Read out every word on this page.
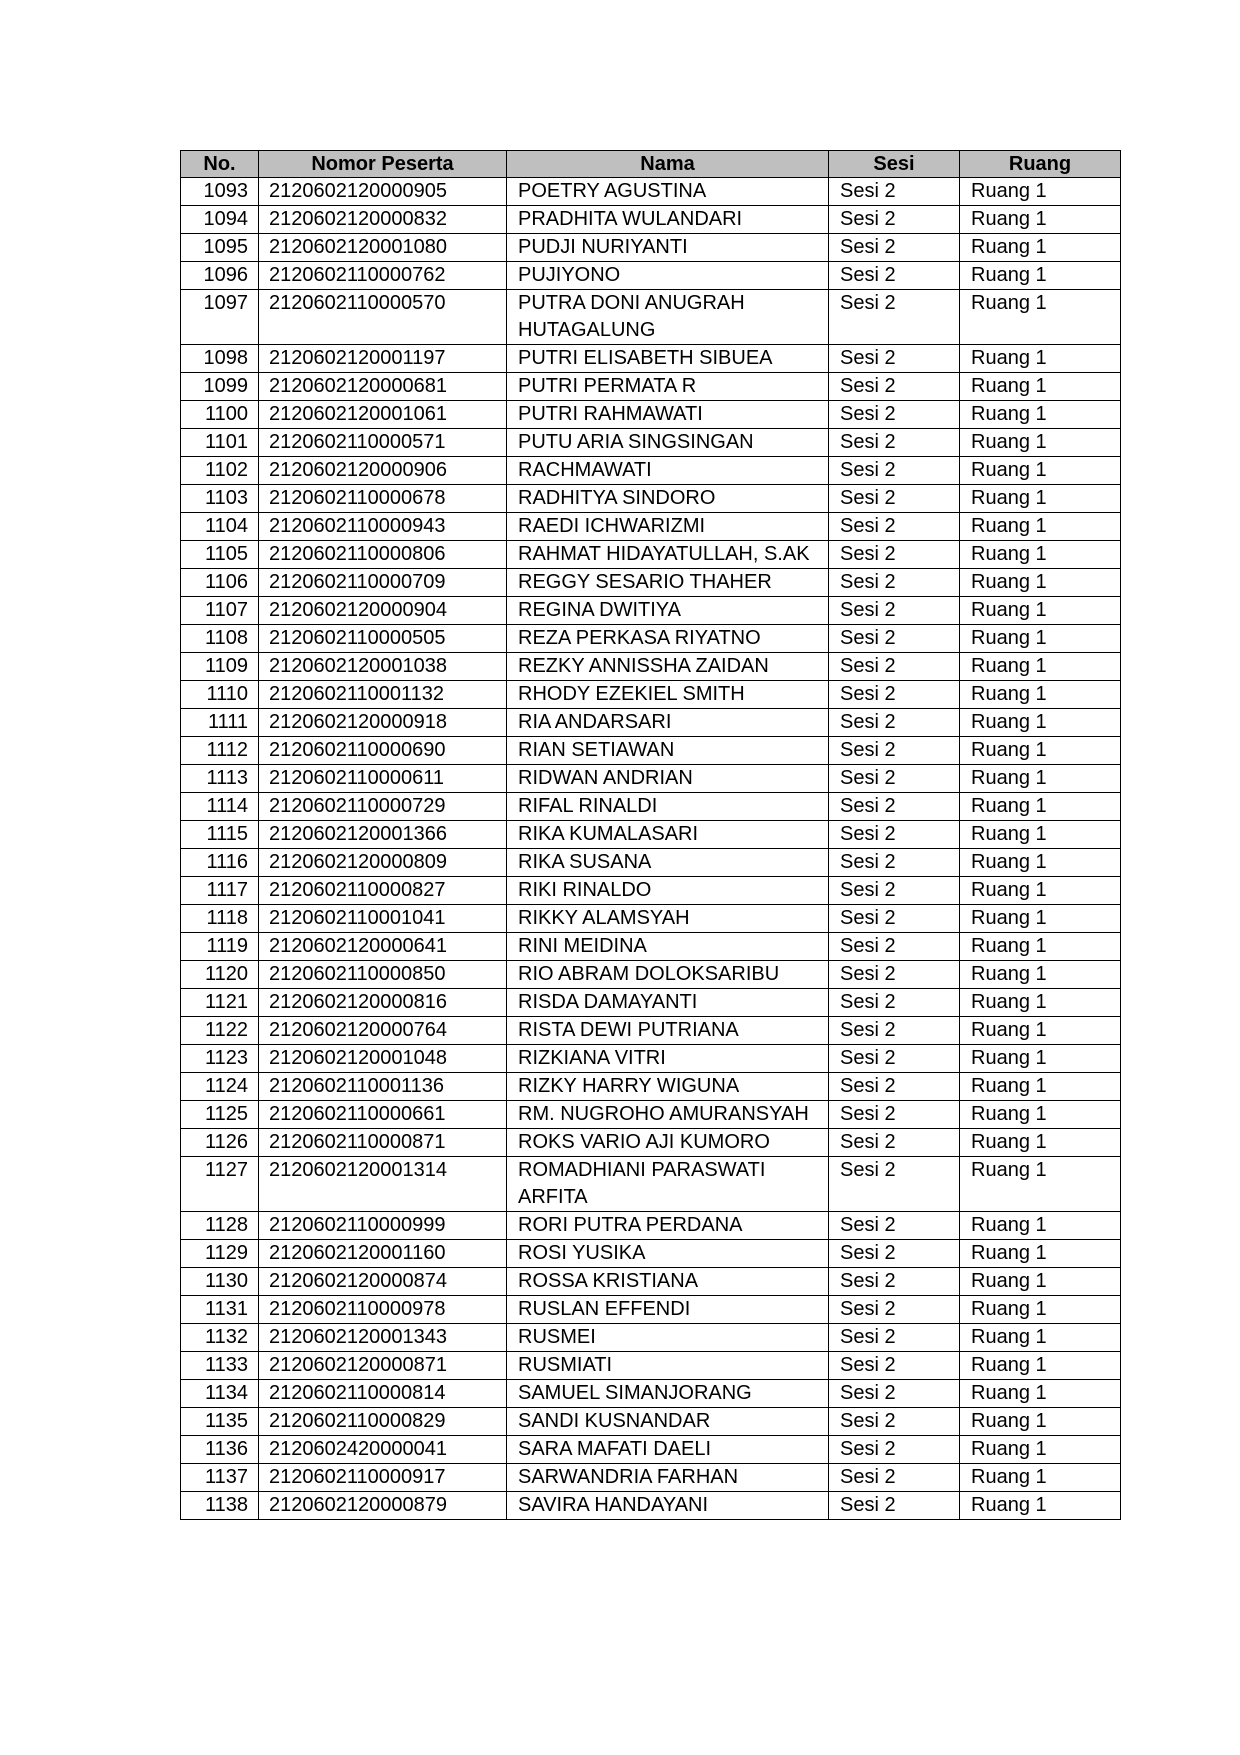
No.	Nomor Peserta	Nama	Sesi	Ruang
1093	2120602120000905	POETRY AGUSTINA	Sesi 2	Ruang 1
1094	2120602120000832	PRADHITA WULANDARI	Sesi 2	Ruang 1
1095	2120602120001080	PUDJI NURIYANTI	Sesi 2	Ruang 1
1096	2120602110000762	PUJIYONO	Sesi 2	Ruang 1
1097	2120602110000570	PUTRA DONI ANUGRAH HUTAGALUNG	Sesi 2	Ruang 1
1098	2120602120001197	PUTRI ELISABETH SIBUEA	Sesi 2	Ruang 1
1099	2120602120000681	PUTRI PERMATA R	Sesi 2	Ruang 1
1100	2120602120001061	PUTRI RAHMAWATI	Sesi 2	Ruang 1
1101	2120602110000571	PUTU ARIA SINGSINGAN	Sesi 2	Ruang 1
1102	2120602120000906	RACHMAWATI	Sesi 2	Ruang 1
1103	2120602110000678	RADHITYA SINDORO	Sesi 2	Ruang 1
1104	2120602110000943	RAEDI ICHWARIZMI	Sesi 2	Ruang 1
1105	2120602110000806	RAHMAT HIDAYATULLAH, S.AK	Sesi 2	Ruang 1
1106	2120602110000709	REGGY SESARIO THAHER	Sesi 2	Ruang 1
1107	2120602120000904	REGINA DWITIYA	Sesi 2	Ruang 1
1108	2120602110000505	REZA PERKASA RIYATNO	Sesi 2	Ruang 1
1109	2120602120001038	REZKY ANNISSHA ZAIDAN	Sesi 2	Ruang 1
1110	2120602110001132	RHODY EZEKIEL SMITH	Sesi 2	Ruang 1
1111	2120602120000918	RIA ANDARSARI	Sesi 2	Ruang 1
1112	2120602110000690	RIAN SETIAWAN	Sesi 2	Ruang 1
1113	2120602110000611	RIDWAN ANDRIAN	Sesi 2	Ruang 1
1114	2120602110000729	RIFAL RINALDI	Sesi 2	Ruang 1
1115	2120602120001366	RIKA KUMALASARI	Sesi 2	Ruang 1
1116	2120602120000809	RIKA SUSANA	Sesi 2	Ruang 1
1117	2120602110000827	RIKI RINALDO	Sesi 2	Ruang 1
1118	2120602110001041	RIKKY ALAMSYAH	Sesi 2	Ruang 1
1119	2120602120000641	RINI MEIDINA	Sesi 2	Ruang 1
1120	2120602110000850	RIO ABRAM DOLOKSARIBU	Sesi 2	Ruang 1
1121	2120602120000816	RISDA DAMAYANTI	Sesi 2	Ruang 1
1122	2120602120000764	RISTA DEWI PUTRIANA	Sesi 2	Ruang 1
1123	2120602120001048	RIZKIANA VITRI	Sesi 2	Ruang 1
1124	2120602110001136	RIZKY HARRY WIGUNA	Sesi 2	Ruang 1
1125	2120602110000661	RM. NUGROHO AMURANSYAH	Sesi 2	Ruang 1
1126	2120602110000871	ROKS VARIO AJI KUMORO	Sesi 2	Ruang 1
1127	2120602120001314	ROMADHIANI PARASWATI ARFITA	Sesi 2	Ruang 1
1128	2120602110000999	RORI PUTRA PERDANA	Sesi 2	Ruang 1
1129	2120602120001160	ROSI YUSIKA	Sesi 2	Ruang 1
1130	2120602120000874	ROSSA KRISTIANA	Sesi 2	Ruang 1
1131	2120602110000978	RUSLAN EFFENDI	Sesi 2	Ruang 1
1132	2120602120001343	RUSMEI	Sesi 2	Ruang 1
1133	2120602120000871	RUSMIATI	Sesi 2	Ruang 1
1134	2120602110000814	SAMUEL SIMANJORANG	Sesi 2	Ruang 1
1135	2120602110000829	SANDI KUSNANDAR	Sesi 2	Ruang 1
1136	2120602420000041	SARA MAFATI DAELI	Sesi 2	Ruang 1
1137	2120602110000917	SARWANDRIA FARHAN	Sesi 2	Ruang 1
1138	2120602120000879	SAVIRA HANDAYANI	Sesi 2	Ruang 1
